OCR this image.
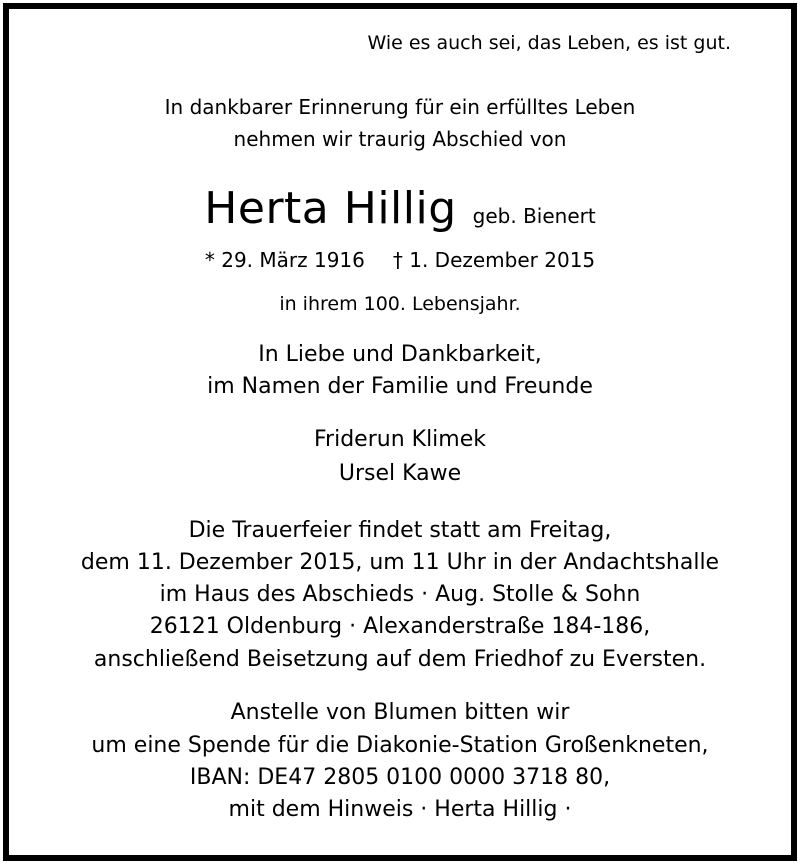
Wie es auch sei, das Leben, es ist gut.
In dankbarer Erinnerung für ein erfülltes Leben
nehmen wir traurig Abschied von
Herta Hillig geb. Bienert
* 29. März 1916 † 1. Dezember 2015
in ihrem 100. Lebensjahr.
In Liebe und Dankbarkeit,
im Namen der Familie und Freunde
Friderun Klimek
Ursel Kawe
Die Trauerfeier findet statt am Freitag,
dem 11. Dezember 2015, um 11 Uhr in der Andachtshalle
im Haus des Abschieds · Aug. Stolle & Sohn
26121 Oldenburg · Alexanderstraße 184-186,
anschließend Beisetzung auf dem Friedhof zu Eversten.
Anstelle von Blumen bitten wir
um eine Spende für die Diakonie-Station Großenkneten,
IBAN: DE47 2805 0100 0000 3718 80,
mit dem Hinweis · Herta Hillig ·
